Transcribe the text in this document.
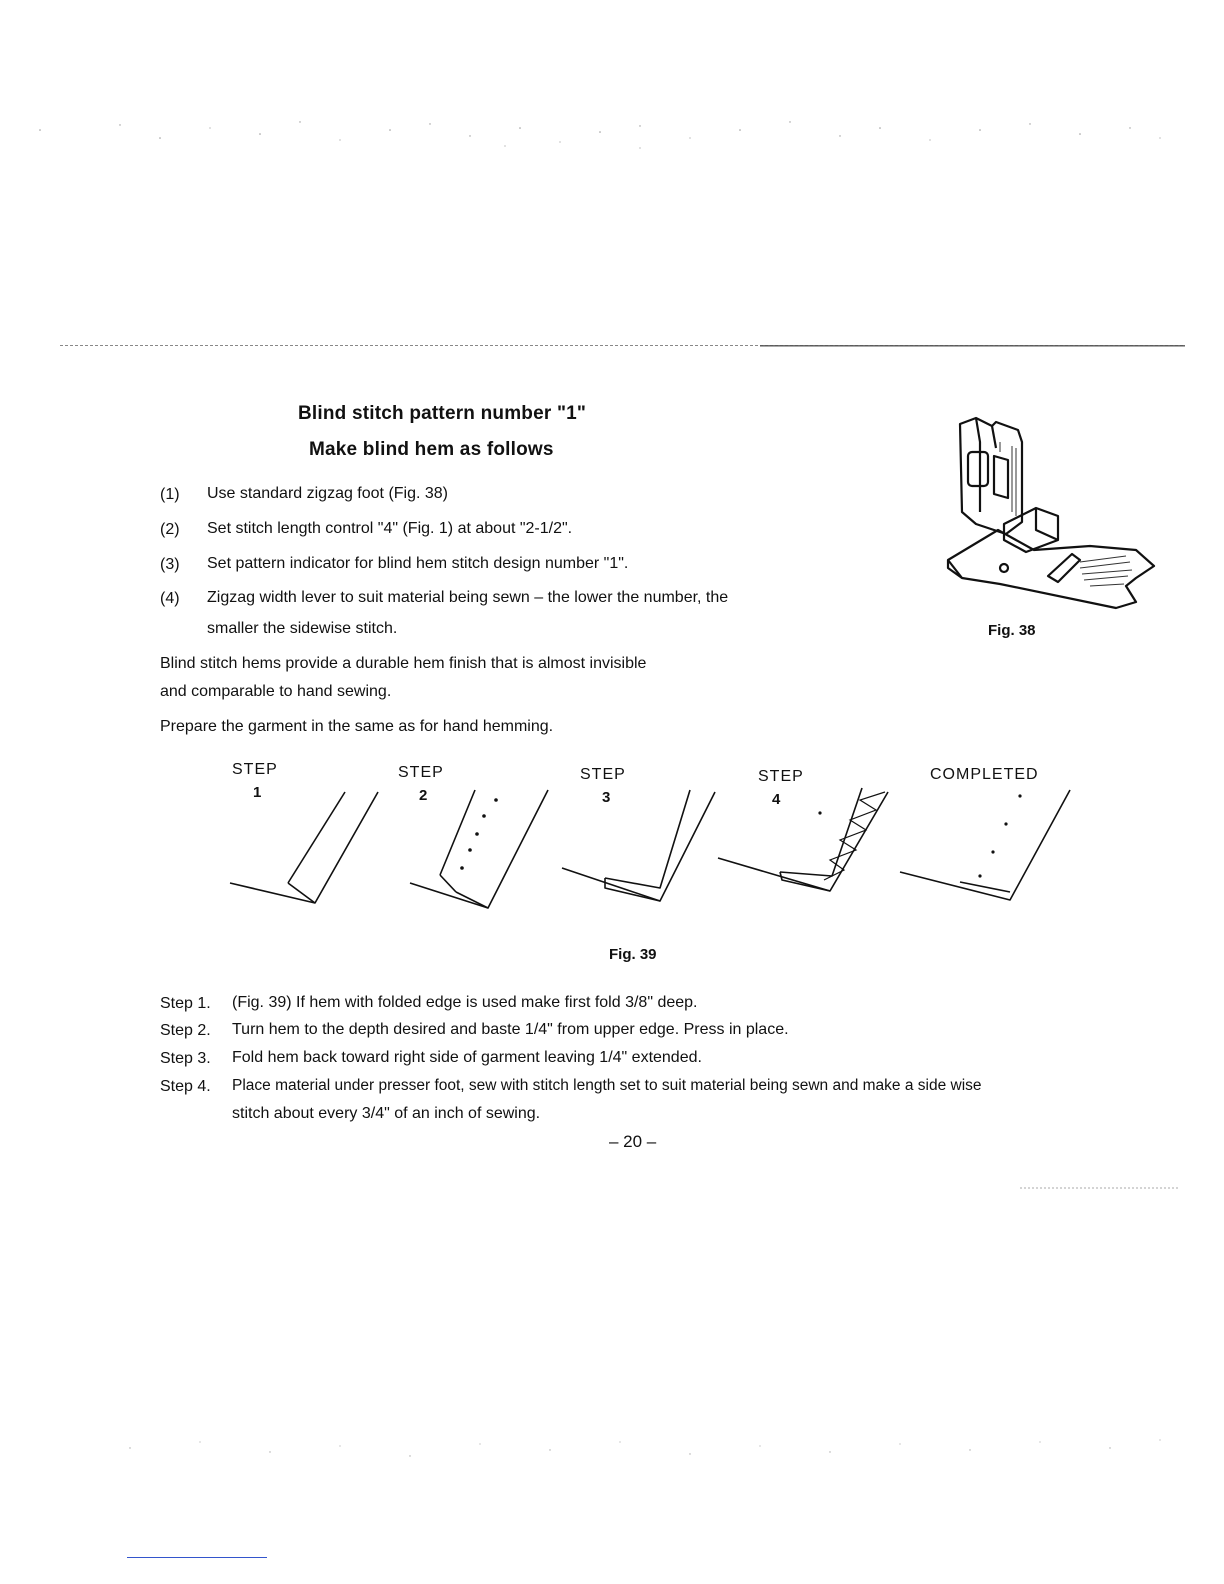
Blind stitch pattern number "1"
Make blind hem as follows
(1) Use standard zigzag foot (Fig. 38)
(2) Set stitch length control "4" (Fig. 1) at about "2-1/2".
(3) Set pattern indicator for blind hem stitch design number "1".
(4) Zigzag width lever to suit material being sewn – the lower the number, the
smaller the sidewise stitch.	Fig. 38
Blind stitch hems provide a durable hem finish that is almost invisible
and comparable to hand sewing.
Prepare the garment in the same as for hand hemming.
STEP
1
STEP
2
STEP
3
STEP
4
COMPLETED
Fig. 39
Step 1. (Fig. 39) If hem with folded edge is used make first fold 3/8" deep.
Step 2. Turn hem to the depth desired and baste 1/4" from upper edge. Press in place.
Step 3. Fold hem back toward right side of garment leaving 1/4" extended.
Step 4. Place material under presser foot, sew with stitch length set to suit material being sewn and make a side wise
stitch about every 3/4" of an inch of sewing.
– 20 –
